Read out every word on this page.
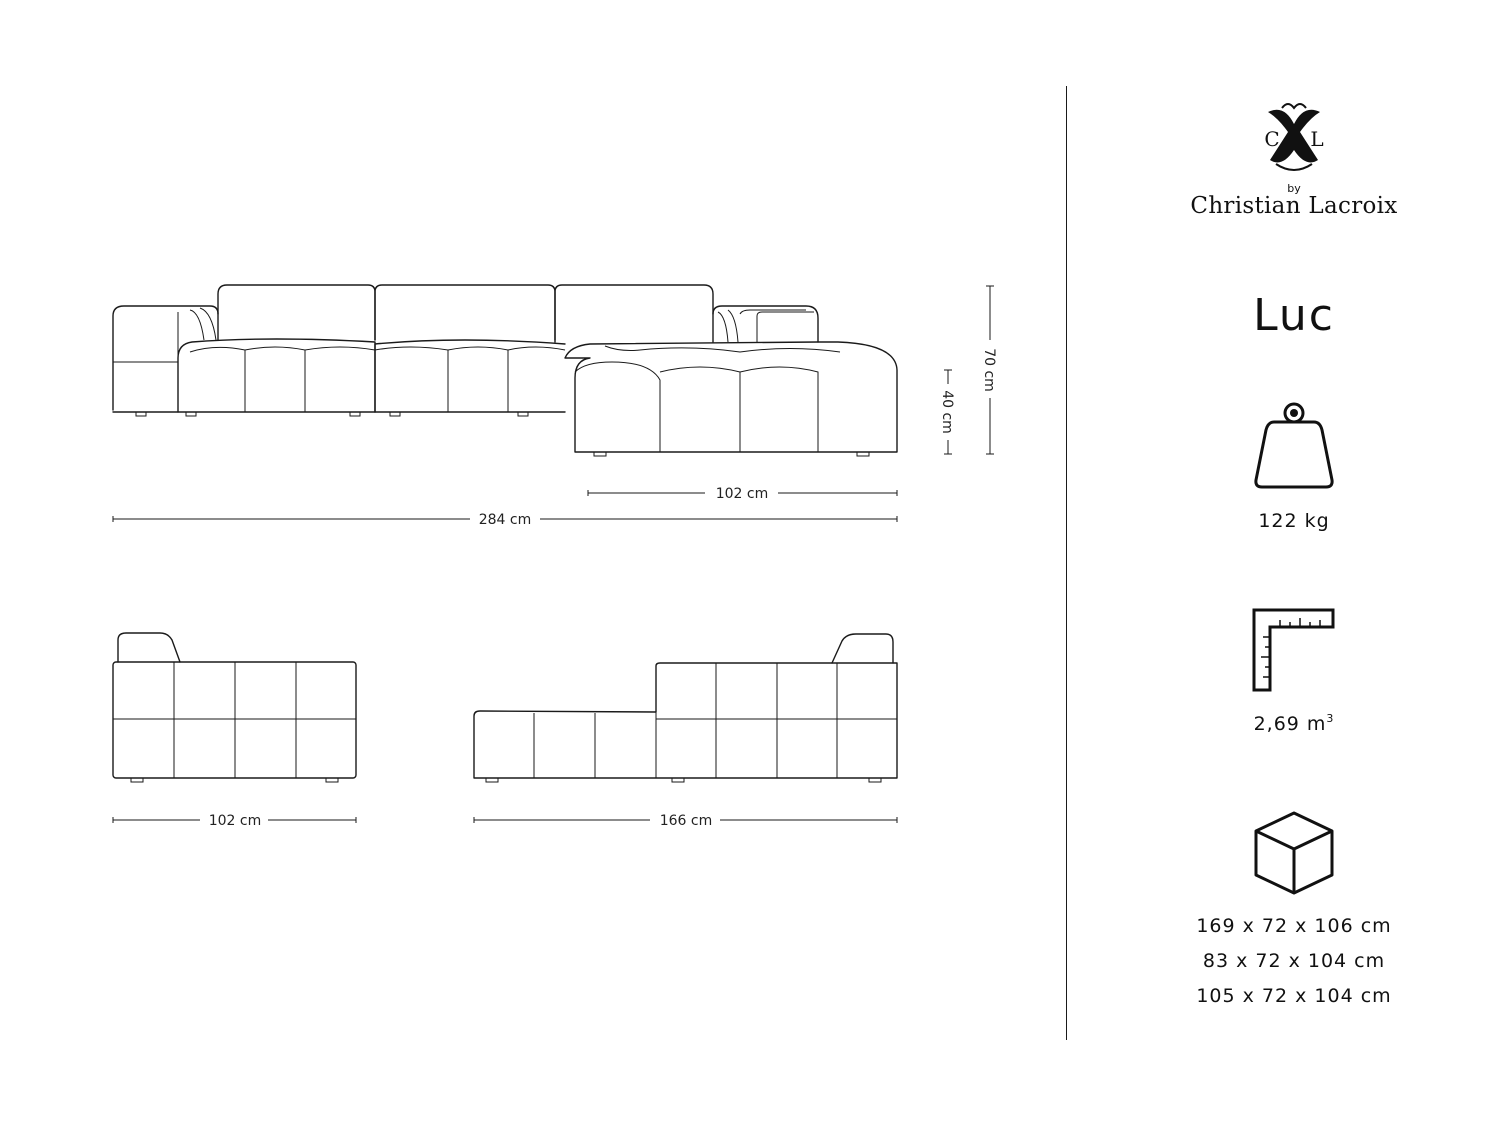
102 cm
284 cm
70 cm
40 cm
102 cm	166 cm
C L
by
Christian Lacroix
Luc
122 kg
2,69 $m^3$
169 x 72 x 106 cm
83 x 72 x 104 cm
105 x 72 x 104 cm
